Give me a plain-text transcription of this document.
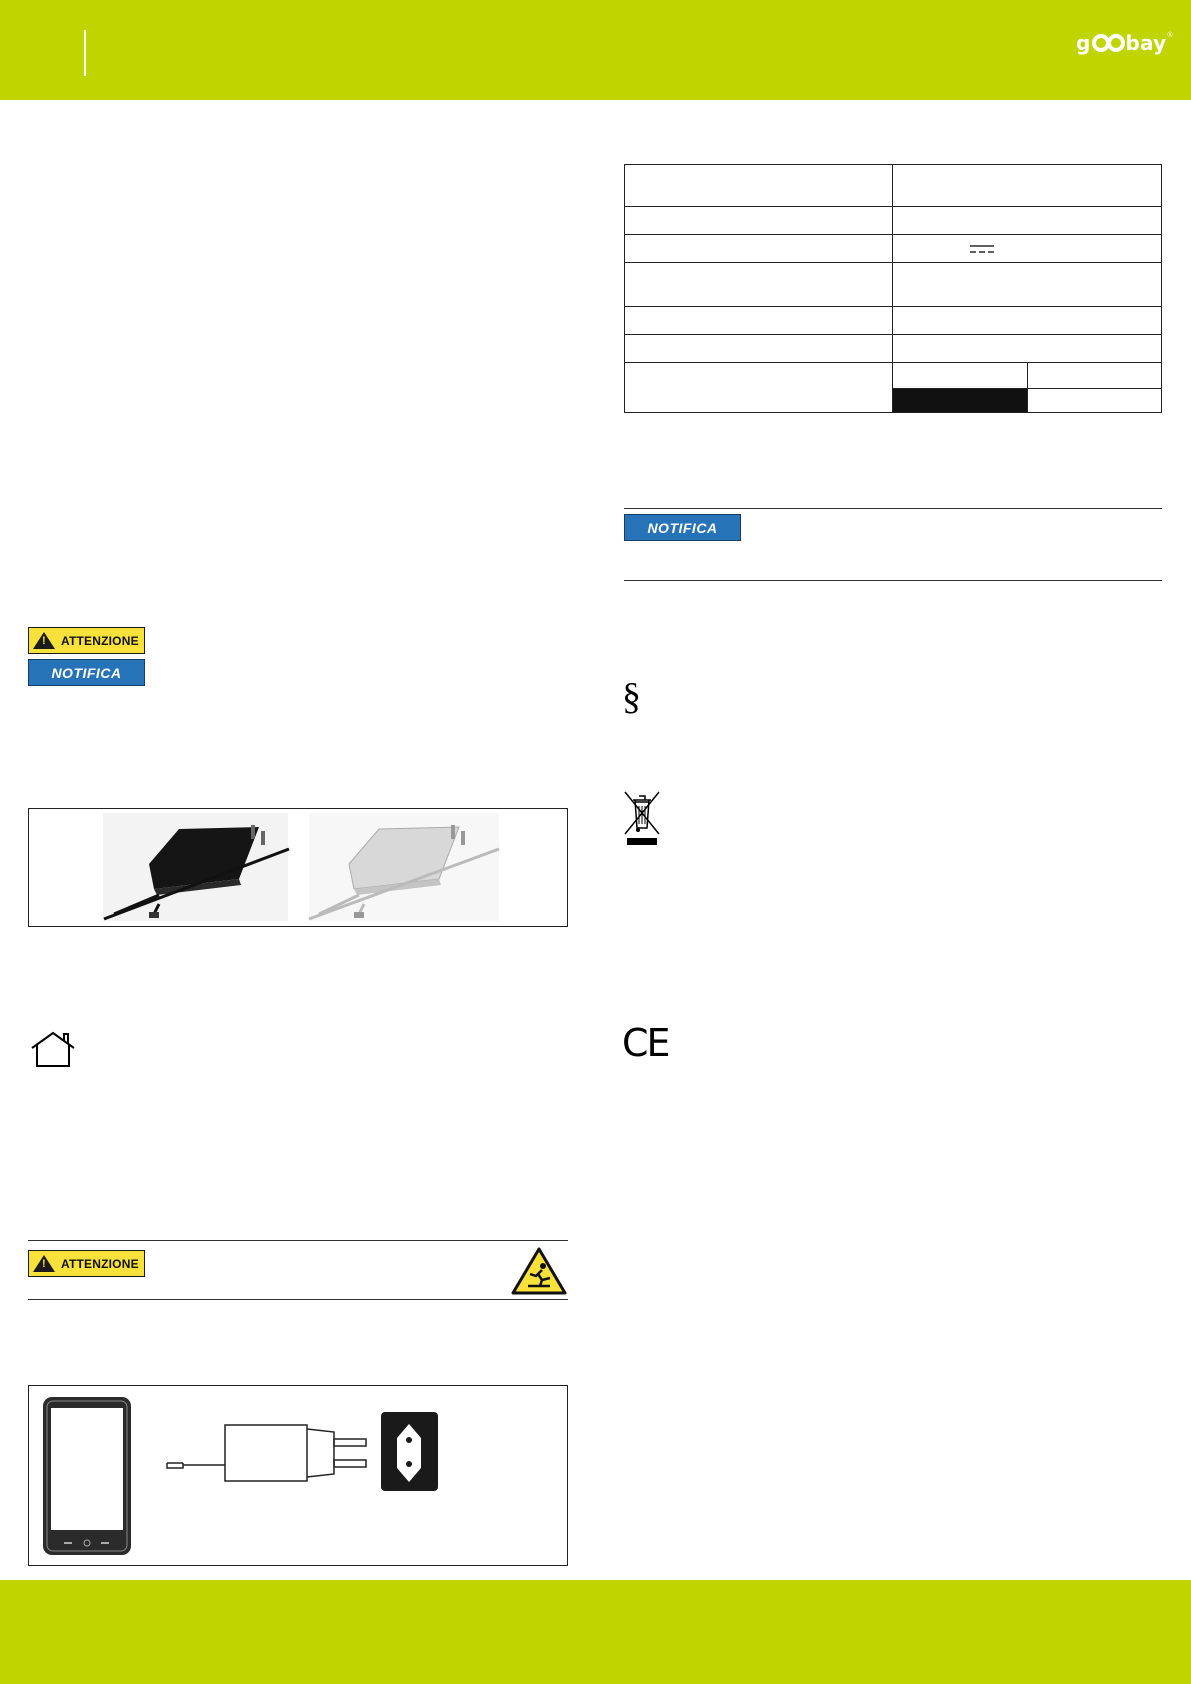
g bay ®
!
ATTENZIONE
NOTIFICA
!
ATTENZIONE

NOTIFICA
§
CE
